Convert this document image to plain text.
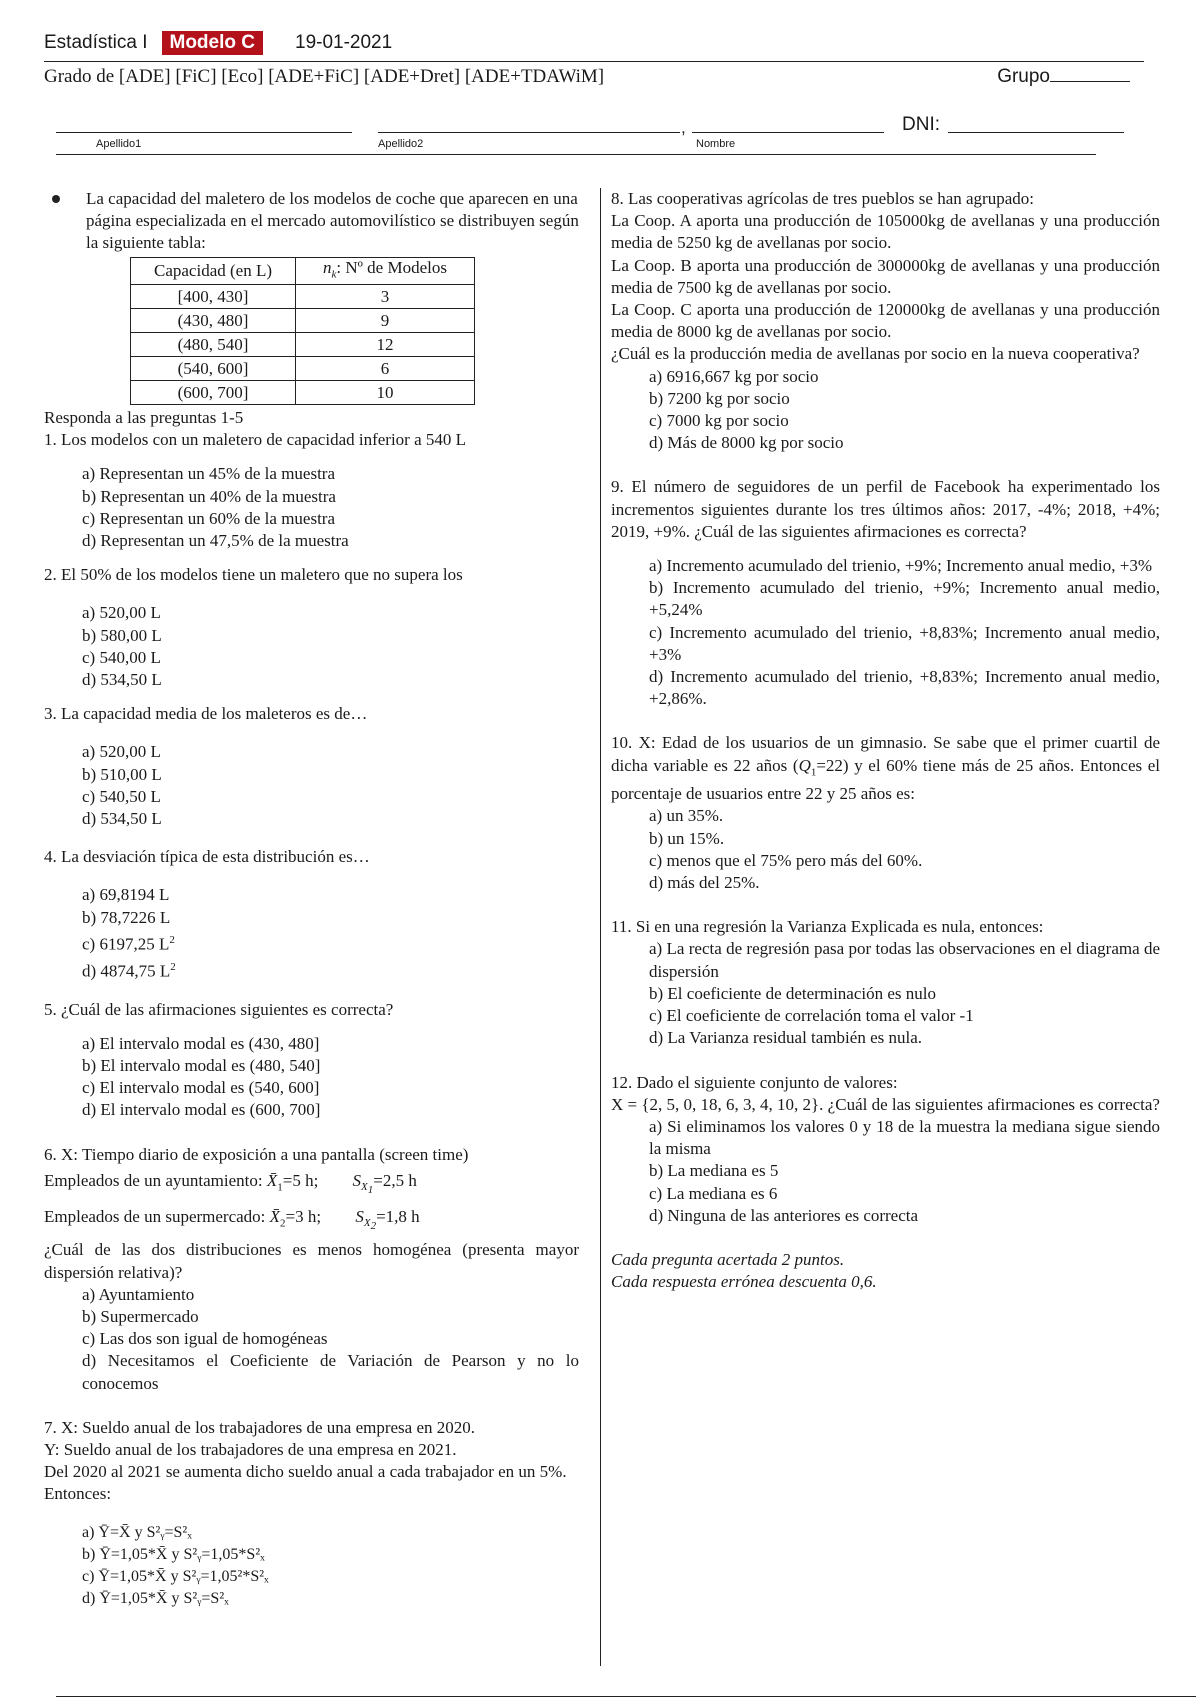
Estadística I	Modelo C	19-01-2021
Grado de [ADE] [FiC] [Eco] [ADE+FiC] [ADE+Dret] [ADE+TDAWiM]	Grupo
Apellido1	Apellido2
,
Nombre
DNI:
La capacidad del maletero de los modelos de coche que aparecen en una página especializada en el mercado automovilístico se distribuyen según la siguiente tabla:
Capacidad (en L)	$n_k$: Nº de Modelos
[400, 430]	3
(430, 480]	9
(480, 540]	12
(540, 600]	6
(600, 700]	10
Responda a las preguntas 1-5
1. Los modelos con un maletero de capacidad inferior a 540 L
a) Representan un 45% de la muestra
b) Representan un 40% de la muestra
c) Representan un 60% de la muestra
d) Representan un 47,5% de la muestra
2. El 50% de los modelos tiene un maletero que no supera los
a) 520,00 L
b) 580,00 L
c) 540,00 L
d) 534,50 L
3. La capacidad media de los maleteros es de…
a) 520,00 L
b) 510,00 L
c) 540,50 L
d) 534,50 L
4. La desviación típica de esta distribución es…
a) 69,8194 L
b) 78,7226 L
c) 6197,25 $L^2$
d) 4874,75 $L^2$
5. ¿Cuál de las afirmaciones siguientes es correcta?
a) El intervalo modal es (430, 480]
b) El intervalo modal es (480, 540]
c) El intervalo modal es (540, 600]
d) El intervalo modal es (600, 700]
6. X: Tiempo diario de exposición a una pantalla (screen time)
Empleados de un ayuntamiento: $X̄_1=5$ h; $S_{X_1}=2,5$ h
Empleados de un supermercado: $X̄_2=3$ h; $S_{X_2}=1,8$ h
¿Cuál de las dos distribuciones es menos homogénea (presenta mayor dispersión relativa)?
a) Ayuntamiento
b) Supermercado
c) Las dos son igual de homogéneas
d) Necesitamos el Coeficiente de Variación de Pearson y no lo conocemos
7. X: Sueldo anual de los trabajadores de una empresa en 2020.
Y: Sueldo anual de los trabajadores de una empresa en 2021.
Del 2020 al 2021 se aumenta dicho sueldo anual a cada trabajador en un 5%. Entonces:
a) Ȳ=X̄ y S²ᵧ=S²ₓ
b) Ȳ=1,05*X̄ y S²ᵧ=1,05*S²ₓ
c) Ȳ=1,05*X̄ y S²ᵧ=1,05²*S²ₓ
d) Ȳ=1,05*X̄ y S²ᵧ=S²ₓ
8. Las cooperativas agrícolas de tres pueblos se han agrupado:
La Coop. A aporta una producción de 105000kg de avellanas y una producción media de 5250 kg de avellanas por socio.
La Coop. B aporta una producción de 300000kg de avellanas y una producción media de 7500 kg de avellanas por socio.
La Coop. C aporta una producción de 120000kg de avellanas y una producción media de 8000 kg de avellanas por socio.
¿Cuál es la producción media de avellanas por socio en la nueva cooperativa?
a) 6916,667 kg por socio
b) 7200 kg por socio
c) 7000 kg por socio
d) Más de 8000 kg por socio
9. El número de seguidores de un perfil de Facebook ha experimentado los incrementos siguientes durante los tres últimos años: 2017, -4%; 2018, +4%; 2019, +9%. ¿Cuál de las siguientes afirmaciones es correcta?
a) Incremento acumulado del trienio, +9%; Incremento anual medio, +3%
b) Incremento acumulado del trienio, +9%; Incremento anual medio, +5,24%
c) Incremento acumulado del trienio, +8,83%; Incremento anual medio, +3%
d) Incremento acumulado del trienio, +8,83%; Incremento anual medio, +2,86%.
10. X: Edad de los usuarios de un gimnasio. Se sabe que el primer cuartil de dicha variable es 22 años $(Q_1=22)$ y el 60% tiene más de 25 años. Entonces el porcentaje de usuarios entre 22 y 25 años es:
a) un 35%.
b) un 15%.
c) menos que el 75% pero más del 60%.
d) más del 25%.
11. Si en una regresión la Varianza Explicada es nula, entonces:
a) La recta de regresión pasa por todas las observaciones en el diagrama de dispersión
b) El coeficiente de determinación es nulo
c) El coeficiente de correlación toma el valor -1
d) La Varianza residual también es nula.
12. Dado el siguiente conjunto de valores:
X = {2, 5, 0, 18, 6, 3, 4, 10, 2}. ¿Cuál de las siguientes afirmaciones es correcta?
a) Si eliminamos los valores 0 y 18 de la muestra la mediana sigue siendo la misma
b) La mediana es 5
c) La mediana es 6
d) Ninguna de las anteriores es correcta
Cada pregunta acertada 2 puntos.
Cada respuesta errónea descuenta 0,6.
